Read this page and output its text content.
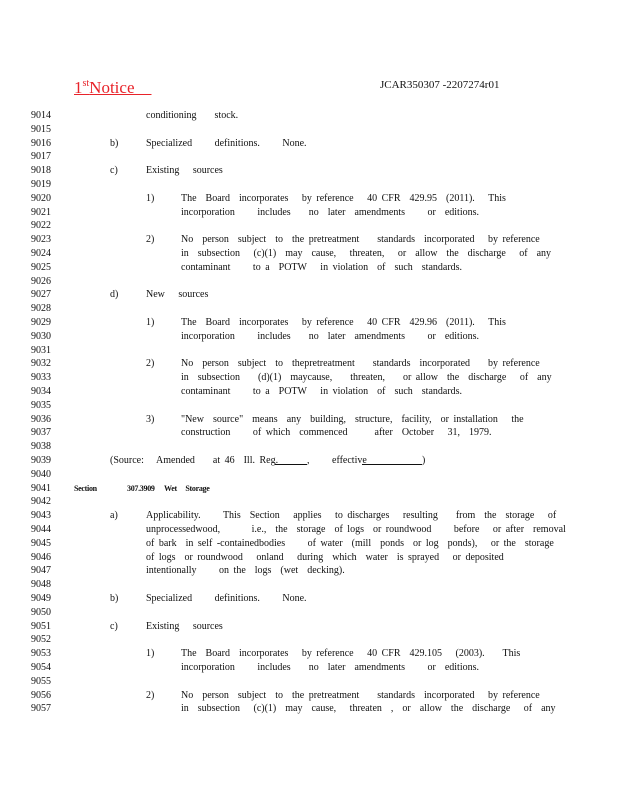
1stNotice	JCAR350307 -2207274r01
9014	conditioning    stock.
9015
9016	b)	Specialized     definitions.     None.
9017
9018	c)	Existing   sources
9019
9020	1)	The  Board  incorporates   by reference   40 CFR  429.95  (2011).   This
9021	incorporation     includes    no  later  amendments     or  editions.
9022
9023	2)	No  person  subject  to  the pretreatment    standards  incorporated   by reference
9024	in  subsection   (c)(1)  may  cause,   threaten,   or  allow  the  discharge   of  any
9025	contaminant     to a  POTW   in violation  of  such  standards.
9026
9027	d)	New   sources
9028
9029	1)	The  Board  incorporates   by reference   40 CFR  429.96  (2011).   This
9030	incorporation     includes    no  later  amendments     or  editions.
9031
9032	2)	No  person  subject  to  thepretreatment    standards  incorporated    by reference
9033	in  subsection    (d)(1)  maycause,    threaten,    or allow  the  discharge   of  any
9034	contaminant     to a  POTW   in violation  of  such  standards.
9035
9036	3)	"New  source"  means  any  building,  structure,  facility,  or installation   the
9037	construction     of which  commenced      after  October   31,  1979.
9038
9039	(Source: Amended    at 46  Ill. Reg.	,     effective	)
9040
9041	Section	307.3909 Wet     Storage
9042
9043	a)	Applicability.     This  Section   applies   to discharges   resulting    from  the  storage   of
9044	unprocessedwood,       i.e.,  the  storage  of logs  or roundwood     before   or after  removal
9045	of bark  in self -containedbodies     of water  (mill  ponds  or log  ponds),   or the  storage
9046	of logs  or roundwood   onland   during  which  water  is sprayed   or deposited
9047	intentionally     on the  logs  (wet  decking).
9048
9049	b)	Specialized     definitions.     None.
9050
9051	c)	Existing   sources
9052
9053	1)	The  Board  incorporates   by reference   40 CFR  429.105   (2003).    This
9054	incorporation     includes    no  later  amendments     or  editions.
9055
9056	2)	No  person  subject  to  the pretreatment    standards  incorporated   by reference
9057	in  subsection   (c)(1)  may  cause,   threaten  ,  or  allow  the  discharge   of  any
